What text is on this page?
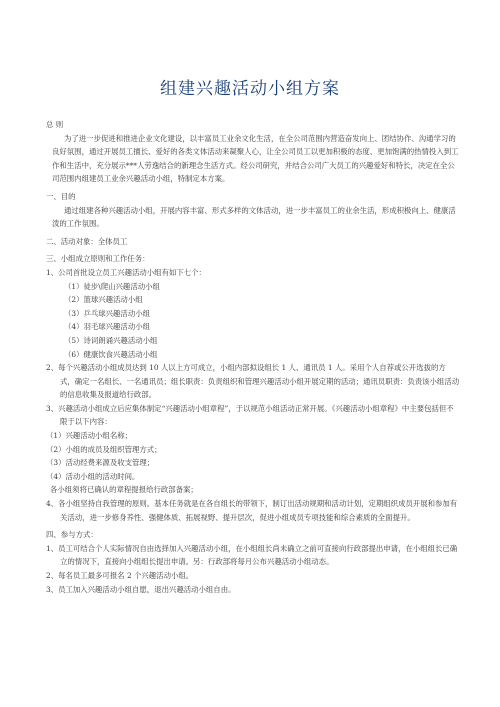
组建兴趣活动小组方案

总 则

为了进一步促进和推进企业文化建设，以丰富员工业余文化生活，在全公司范围内营造奋发向上、团结协作、沟通学习的良好氛围，通过开展员工擅长、爱好的各类文体活动来凝聚人心，让全公司员工以更加积极的态度、更加饱满的热情投入到工作和生活中，充分展示***人劳逸结合的新理念生活方式。经公司研究，并结合公司广大员工的兴趣爱好和特长，决定在全公司范围内组建员工业余兴趣活动小组，特制定本方案。

一、目的

通过组建各种兴趣活动小组，开展内容丰富、形式多样的文体活动，进一步丰富员工的业余生活，形成积极向上、健康活泼的工作氛围。

二、活动对象：全体员工

三、小组成立原则和工作任务：

1、公司首批设立员工兴趣活动小组有如下七个：

（1）徒步\爬山兴趣活动小组

（2）篮球兴趣活动小组

（3）乒乓球兴趣活动小组

（4）羽毛球兴趣活动小组

（5）诗词朗诵兴趣活动小组

（6）健康饮食兴趣活动小组

2、每个兴趣活动小组成员达到 10 人以上方可成立，小组内部拟设组长 1 人、通讯员 1 人。采用个人自荐或公开选拔的方式，确定一名组长、一名通讯员；组长职责：负责组织和管理兴趣活动小组开展定期的活动；通讯员职责：负责该小组活动的信息收集及报道给行政部。

3、兴趣活动小组成立后应集体制定“兴趣活动小组章程”，于以规范小组活动正常开展。《兴趣活动小组章程》中主要包括但不限于以下内容：

（1）兴趣活动小组名称；

（2）小组的成员及组织管理方式；

（3）活动经费来源及收支管理；

（4）活动小组的活动时间。

各小组须将已确认的章程提报给行政部备案；

4、各小组坚持自我管理的原则。基本任务就是在各自组长的带领下，制订出活动规期和活动计划，定期组织成员开展和参加有关活动，进一步修身养性、强健体质、拓展视野、提升层次，促进小组成员专项技能和综合素质的全面提升。

四、参与方式：

1、员工可结合个人实际情况自由选择加入兴趣活动小组，在小组组长尚未确立之前可直接向行政部提出申请，在小组组长已确立的情况下，直接向小组组长提出申请。另：行政部将每月公布兴趣活动小组动态。

2、每名员工最多可报名 2 个兴趣活动小组。

3、员工加入兴趣活动小组自愿，退出兴趣活动小组自由。
